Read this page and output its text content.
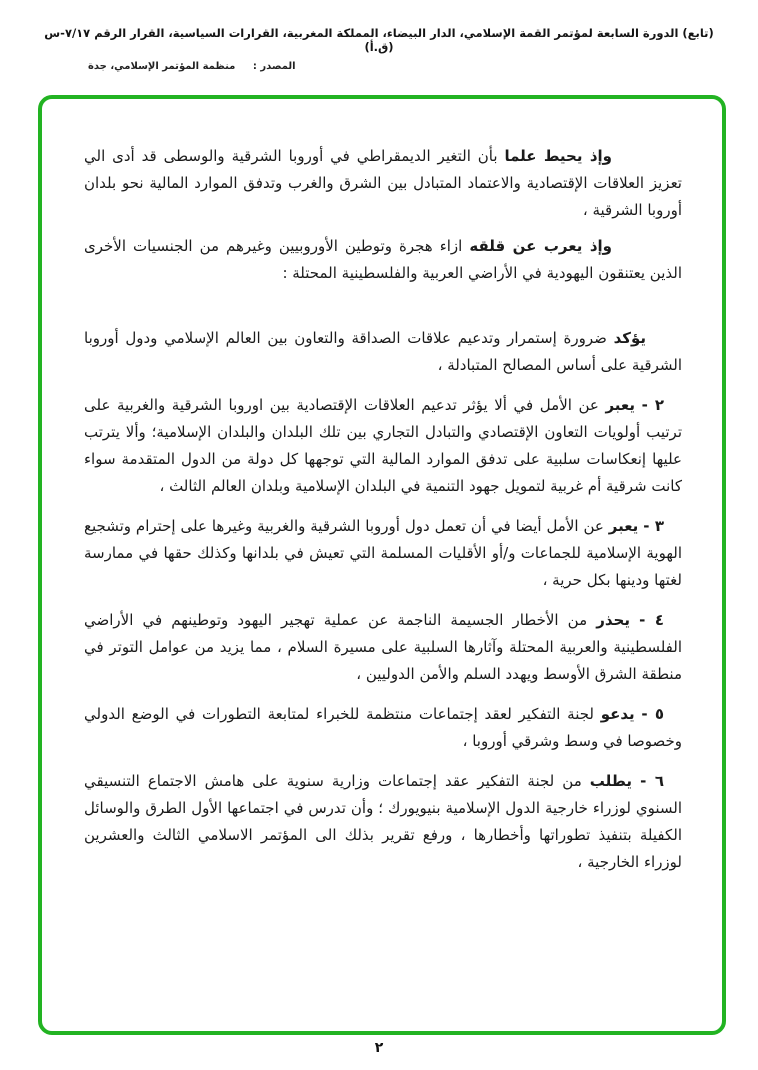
(تابع) الدورة السابعة لمؤتمر القمة الإسلامي، الدار البيضاء، المملكة المغربية، القرارات السياسية، القرار الرقم ٧/١٧-س (ق.أ)
المصدر : منظمة المؤتمر الإسلامي، جدة

وإذ يحيط علما بأن التغير الديمقراطي في أوروبا الشرقية والوسطى قد أدى الي تعزيز العلاقات الإقتصادية والاعتماد المتبادل بين الشرق والغرب وتدفق الموارد المالية نحو بلدان أوروبا الشرقية ،

وإذ يعرب عن قلقه ازاء هجرة وتوطين الأوروبيين وغيرهم من الجنسيات الأخرى الذين يعتنقون اليهودية في الأراضي العربية والفلسطينية المحتلة :

يؤكد ضرورة إستمرار وتدعيم علاقات الصداقة والتعاون بين العالم الإسلامي ودول أوروبا الشرقية على أساس المصالح المتبادلة ،

٢ - يعبر عن الأمل في ألا يؤثر تدعيم العلاقات الإقتصادية بين اوروبا الشرقية والغربية على ترتيب أولويات التعاون الإقتصادي والتبادل التجاري بين تلك البلدان والبلدان الإسلامية؛ وألا يترتب عليها إنعكاسات سلبية على تدفق الموارد المالية التي توجهها كل دولة من الدول المتقدمة سواء كانت شرقية أم غربية لتمويل جهود التنمية في البلدان الإسلامية وبلدان العالم الثالث ،

٣ - يعبر عن الأمل أيضا في أن تعمل دول أوروبا الشرقية والغربية وغيرها على إحترام وتشجيع الهوية الإسلامية للجماعات و/أو الأقليات المسلمة التي تعيش في بلدانها وكذلك حقها في ممارسة لغتها ودينها بكل حرية ،

٤ - يحذر من الأخطار الجسيمة الناجمة عن عملية تهجير اليهود وتوطينهم في الأراضي الفلسطينية والعربية المحتلة وآثارها السلبية على مسيرة السلام ، مما يزيد من عوامل التوتر في منطقة الشرق الأوسط ويهدد السلم والأمن الدوليين ،

٥ - يدعو لجنة التفكير لعقد إجتماعات منتظمة للخبراء لمتابعة التطورات في الوضع الدولي وخصوصا في وسط وشرقي أوروبا ،

٦ - يطلب من لجنة التفكير عقد إجتماعات وزارية سنوية على هامش الاجتماع التنسيقي السنوي لوزراء خارجية الدول الإسلامية بنيويورك ؛ وأن تدرس في اجتماعها الأول الطرق والوسائل الكفيلة بتنفيذ تطوراتها وأخطارها ، ورفع تقرير بذلك الى المؤتمر الاسلامي الثالث والعشرين لوزراء الخارجية ،

٢
